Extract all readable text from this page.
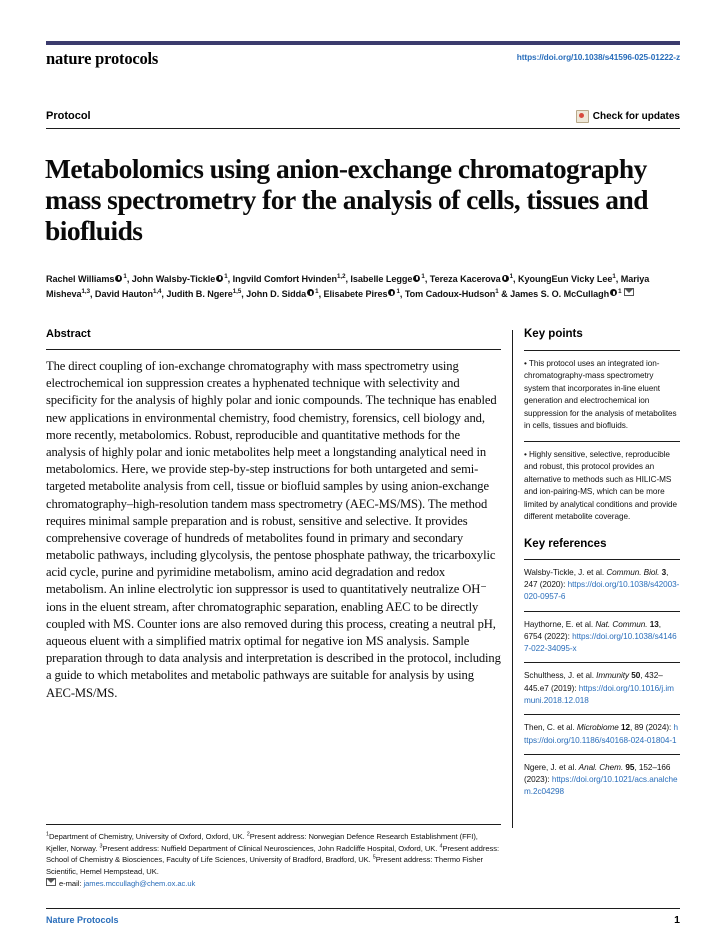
nature protocols	https://doi.org/10.1038/s41596-025-01222-z
Protocol	Check for updates
Metabolomics using anion-exchange chromatography mass spectrometry for the analysis of cells, tissues and biofluids
Rachel Williams $^1$, John Walsby-Tickle $^1$, Ingvild Comfort Hvinden$^{1,2}$, Isabelle Legge $^1$, Tereza Kacerova $^1$, KyoungEun Vicky Lee$^1$, Mariya Misheva$^{1,3}$, David Hauton$^{1,4}$, Judith B. Ngere$^{1,5}$, John D. Sidda $^1$, Elisabete Pires $^1$, Tom Cadoux-Hudson$^1$ & James S. O. McCullagh $^1$
Abstract
The direct coupling of ion-exchange chromatography with mass spectrometry using electrochemical ion suppression creates a hyphenated technique with selectivity and specificity for the analysis of highly polar and ionic compounds. The technique has enabled new applications in environmental chemistry, food chemistry, forensics, cell biology and, more recently, metabolomics. Robust, reproducible and quantitative methods for the analysis of highly polar and ionic metabolites help meet a longstanding analytical need in metabolomics. Here, we provide step-by-step instructions for both untargeted and semi-targeted metabolite analysis from cell, tissue or biofluid samples by using anion-exchange chromatography–high-resolution tandem mass spectrometry (AEC-MS/MS). The method requires minimal sample preparation and is robust, sensitive and selective. It provides comprehensive coverage of hundreds of metabolites found in primary and secondary metabolic pathways, including glycolysis, the pentose phosphate pathway, the tricarboxylic acid cycle, purine and pyrimidine metabolism, amino acid degradation and redox metabolism. An inline electrolytic ion suppressor is used to quantitatively neutralize OH⁻ ions in the eluent stream, after chromatographic separation, enabling AEC to be directly coupled with MS. Counter ions are also removed during this process, creating a neutral pH, aqueous eluent with a simplified matrix optimal for negative ion MS analysis. Sample preparation through to data analysis and interpretation is described in the protocol, including a guide to which metabolites and metabolic pathways are suitable for analysis by using AEC-MS/MS.
Key points

• This protocol uses an integrated ion-chromatography-mass spectrometry system that incorporates in-line eluent generation and electrochemical ion suppression for the analysis of metabolites in cells, tissues and biofluids.

• Highly sensitive, selective, reproducible and robust, this protocol provides an alternative to methods such as HILIC-MS and ion-pairing-MS, which can be more limited by analytical conditions and provide different metabolite coverage.

Key references

Walsby-Tickle, J. et al. Commun. Biol. 3, 247 (2020): https://doi.org/10.1038/s42003-020-0957-6

Haythorne, E. et al. Nat. Commun. 13, 6754 (2022): https://doi.org/10.1038/s41467-022-34095-x

Schulthess, J. et al. Immunity 50, 432–445.e7 (2019): https://doi.org/10.1016/j.immuni.2018.12.018

Then, C. et al. Microbiome 12, 89 (2024): https://doi.org/10.1186/s40168-024-01804-1

Ngere, J. et al. Anal. Chem. 95, 152–166 (2023): https://doi.org/10.1021/acs.analchem.2c04298

$^1$Department of Chemistry, University of Oxford, Oxford, UK. $^2$Present address: Norwegian Defence Research Establishment (FFI), Kjeller, Norway. $^3$Present address: Nuffield Department of Clinical Neurosciences, John Radcliffe Hospital, Oxford, UK. $^4$Present address: School of Chemistry & Biosciences, Faculty of Life Sciences, University of Bradford, Bradford, UK. $^5$Present address: Thermo Fisher Scientific, Hemel Hempstead, UK.
e-mail: james.mccullagh@chem.ox.ac.uk
Nature Protocols	1
